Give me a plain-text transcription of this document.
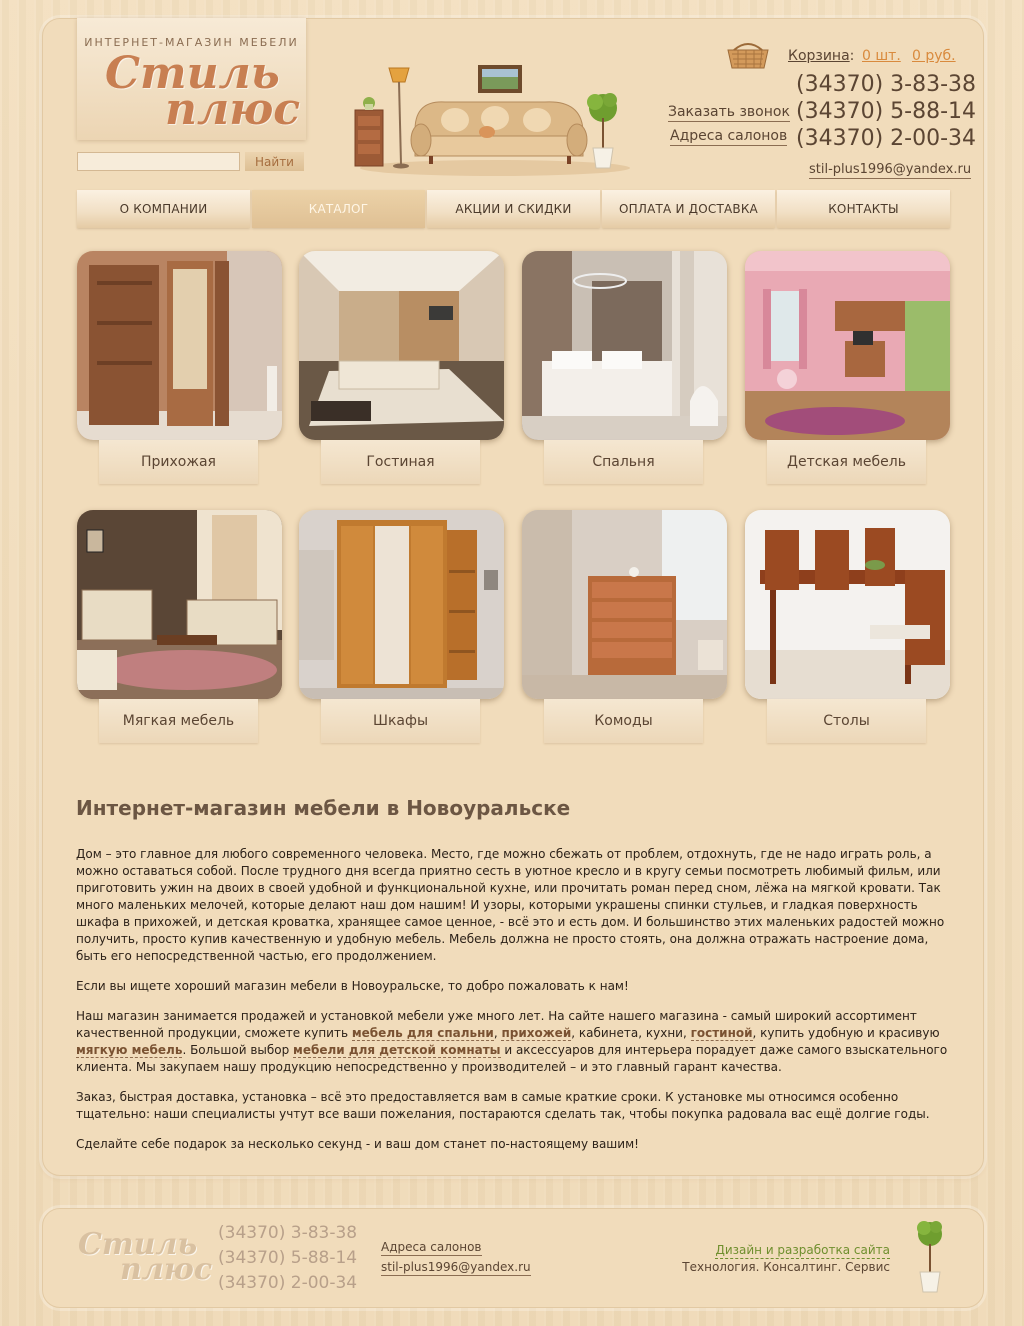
ИНТЕРНЕТ-МАГАЗИН МЕБЕЛИ
Стиль
плюс
Найти
Корзина: 0 шт. 0 руб.
(34370) 3-83-38
(34370) 5-88-14
(34370) 2-00-34
Заказать звонок
Адреса салонов
stil-plus1996@yandex.ru
О КОМПАНИИ	КАТАЛОГ	АКЦИИ И СКИДКИ	ОПЛАТА И ДОСТАВКА	КОНТАКТЫ
Прихожая	Гостиная	Спальня	Детская мебель
Мягкая мебель	Шкафы	Комоды	Столы
Интернет-магазин мебели в Новоуральске

Дом – это главное для любого современного человека. Место, где можно сбежать от проблем, отдохнуть, где не надо играть роль, а можно оставаться собой. После трудного дня всегда приятно сесть в уютное кресло и в кругу семьи посмотреть любимый фильм, или приготовить ужин на двоих в своей удобной и функциональной кухне, или прочитать роман перед сном, лёжа на мягкой кровати. Так много маленьких мелочей, которые делают наш дом нашим! И узоры, которыми украшены спинки стульев, и гладкая поверхность шкафа в прихожей, и детская кроватка, хранящее самое ценное, - всё это и есть дом. И большинство этих маленьких радостей можно получить, просто купив качественную и удобную мебель. Мебель должна не просто стоять, она должна отражать настроение дома, быть его непосредственной частью, его продолжением.

Если вы ищете хороший магазин мебели в Новоуральске, то добро пожаловать к нам!

Наш магазин занимается продажей и установкой мебели уже много лет. На сайте нашего магазина - самый широкий ассортимент качественной продукции, сможете купить мебель для спальни, прихожей, кабинета, кухни, гостиной, купить удобную и красивую мягкую мебель. Большой выбор мебели для детской комнаты и аксессуаров для интерьера порадует даже самого взыскательного клиента. Мы закупаем нашу продукцию непосредственно у производителей – и это главный гарант качества.

Заказ, быстрая доставка, установка – всё это предоставляется вам в самые краткие сроки. К установке мы относимся особенно тщательно: наши специалисты учтут все ваши пожелания, постараются сделать так, чтобы покупка радовала вас ещё долгие годы.

Сделайте себе подарок за несколько секунд - и ваш дом станет по-настоящему вашим!

Стиль
плюс
(34370) 3-83-38
(34370) 5-88-14
(34370) 2-00-34
Адреса салонов
stil-plus1996@yandex.ru
Дизайн и разработка сайта
Технология. Консалтинг. Сервис
